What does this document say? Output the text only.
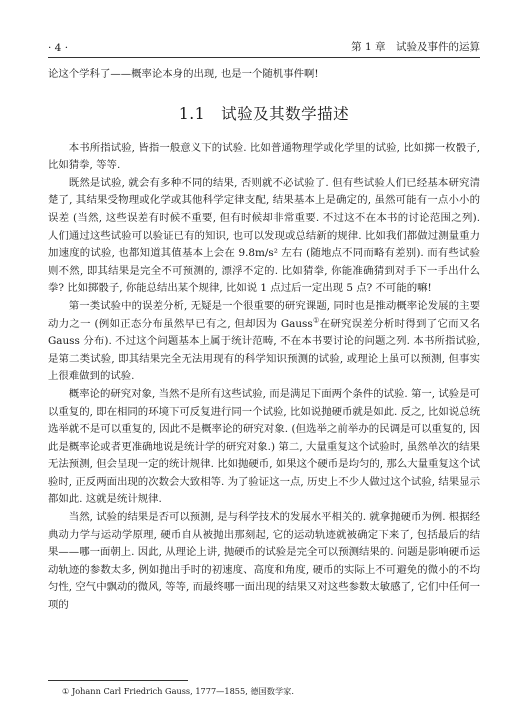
· 4 ·	第 1 章　试验及事件的运算

论这个学科了——概率论本身的出现, 也是一个随机事件啊!

1.1　试验及其数学描述

本书所指试验, 皆指一般意义下的试验. 比如普通物理学或化学里的试验, 比如掷一枚骰子, 比如猜拳, 等等.

既然是试验, 就会有多种不同的结果, 否则就不必试验了. 但有些试验人们已经基本研究清楚了, 其结果受物理或化学或其他科学定律支配, 结果基本上是确定的, 虽然可能有一点小小的误差 (当然, 这些误差有时候不重要, 但有时候却非常重要. 不过这不在本书的讨论范围之列). 人们通过这些试验可以验证已有的知识, 也可以发现或总结新的规律. 比如我们都做过测量重力加速度的试验, 也都知道其值基本上会在 9.8m/s² 左右 (随地点不同而略有差别). 而有些试验则不然, 即其结果是完全不可预测的, 漂浮不定的. 比如猜拳, 你能准确猜到对手下一手出什么拳? 比如掷骰子, 你能总结出某个规律, 比如说 1 点过后一定出现 5 点? 不可能的嘛!

第一类试验中的误差分析, 无疑是一个很重要的研究课题, 同时也是推动概率论发展的主要动力之一 (例如正态分布虽然早已有之, 但却因为 Gauss①在研究误差分析时得到了它而又名 Gauss 分布). 不过这个问题基本上属于统计范畴, 不在本书要讨论的问题之列. 本书所指试验, 是第二类试验, 即其结果完全无法用现有的科学知识预测的试验, 或理论上虽可以预测, 但事实上很难做到的试验.

概率论的研究对象, 当然不是所有这些试验, 而是满足下面两个条件的试验. 第一, 试验是可以重复的, 即在相同的环境下可反复进行同一个试验, 比如说抛硬币就是如此. 反之, 比如说总统选举就不是可以重复的, 因此不是概率论的研究对象. (但选举之前举办的民调是可以重复的, 因此是概率论或者更准确地说是统计学的研究对象.) 第二, 大量重复这个试验时, 虽然单次的结果无法预测, 但会呈现一定的统计规律. 比如抛硬币, 如果这个硬币是均匀的, 那么大量重复这个试验时, 正反两面出现的次数会大致相等. 为了验证这一点, 历史上不少人做过这个试验, 结果显示都如此. 这就是统计规律.

当然, 试验的结果是否可以预测, 是与科学技术的发展水平相关的. 就拿抛硬币为例. 根据经典动力学与运动学原理, 硬币自从被抛出那刻起, 它的运动轨迹就被确定下来了, 包括最后的结果——哪一面朝上. 因此, 从理论上讲, 抛硬币的试验是完全可以预测结果的. 问题是影响硬币运动轨迹的参数太多, 例如抛出手时的初速度、高度和角度, 硬币的实际上不可避免的微小的不均匀性, 空气中飘动的微风, 等等, 而最终哪一面出现的结果又对这些参数太敏感了, 它们中任何一项的

① Johann Carl Friedrich Gauss, 1777—1855, 德国数学家.
